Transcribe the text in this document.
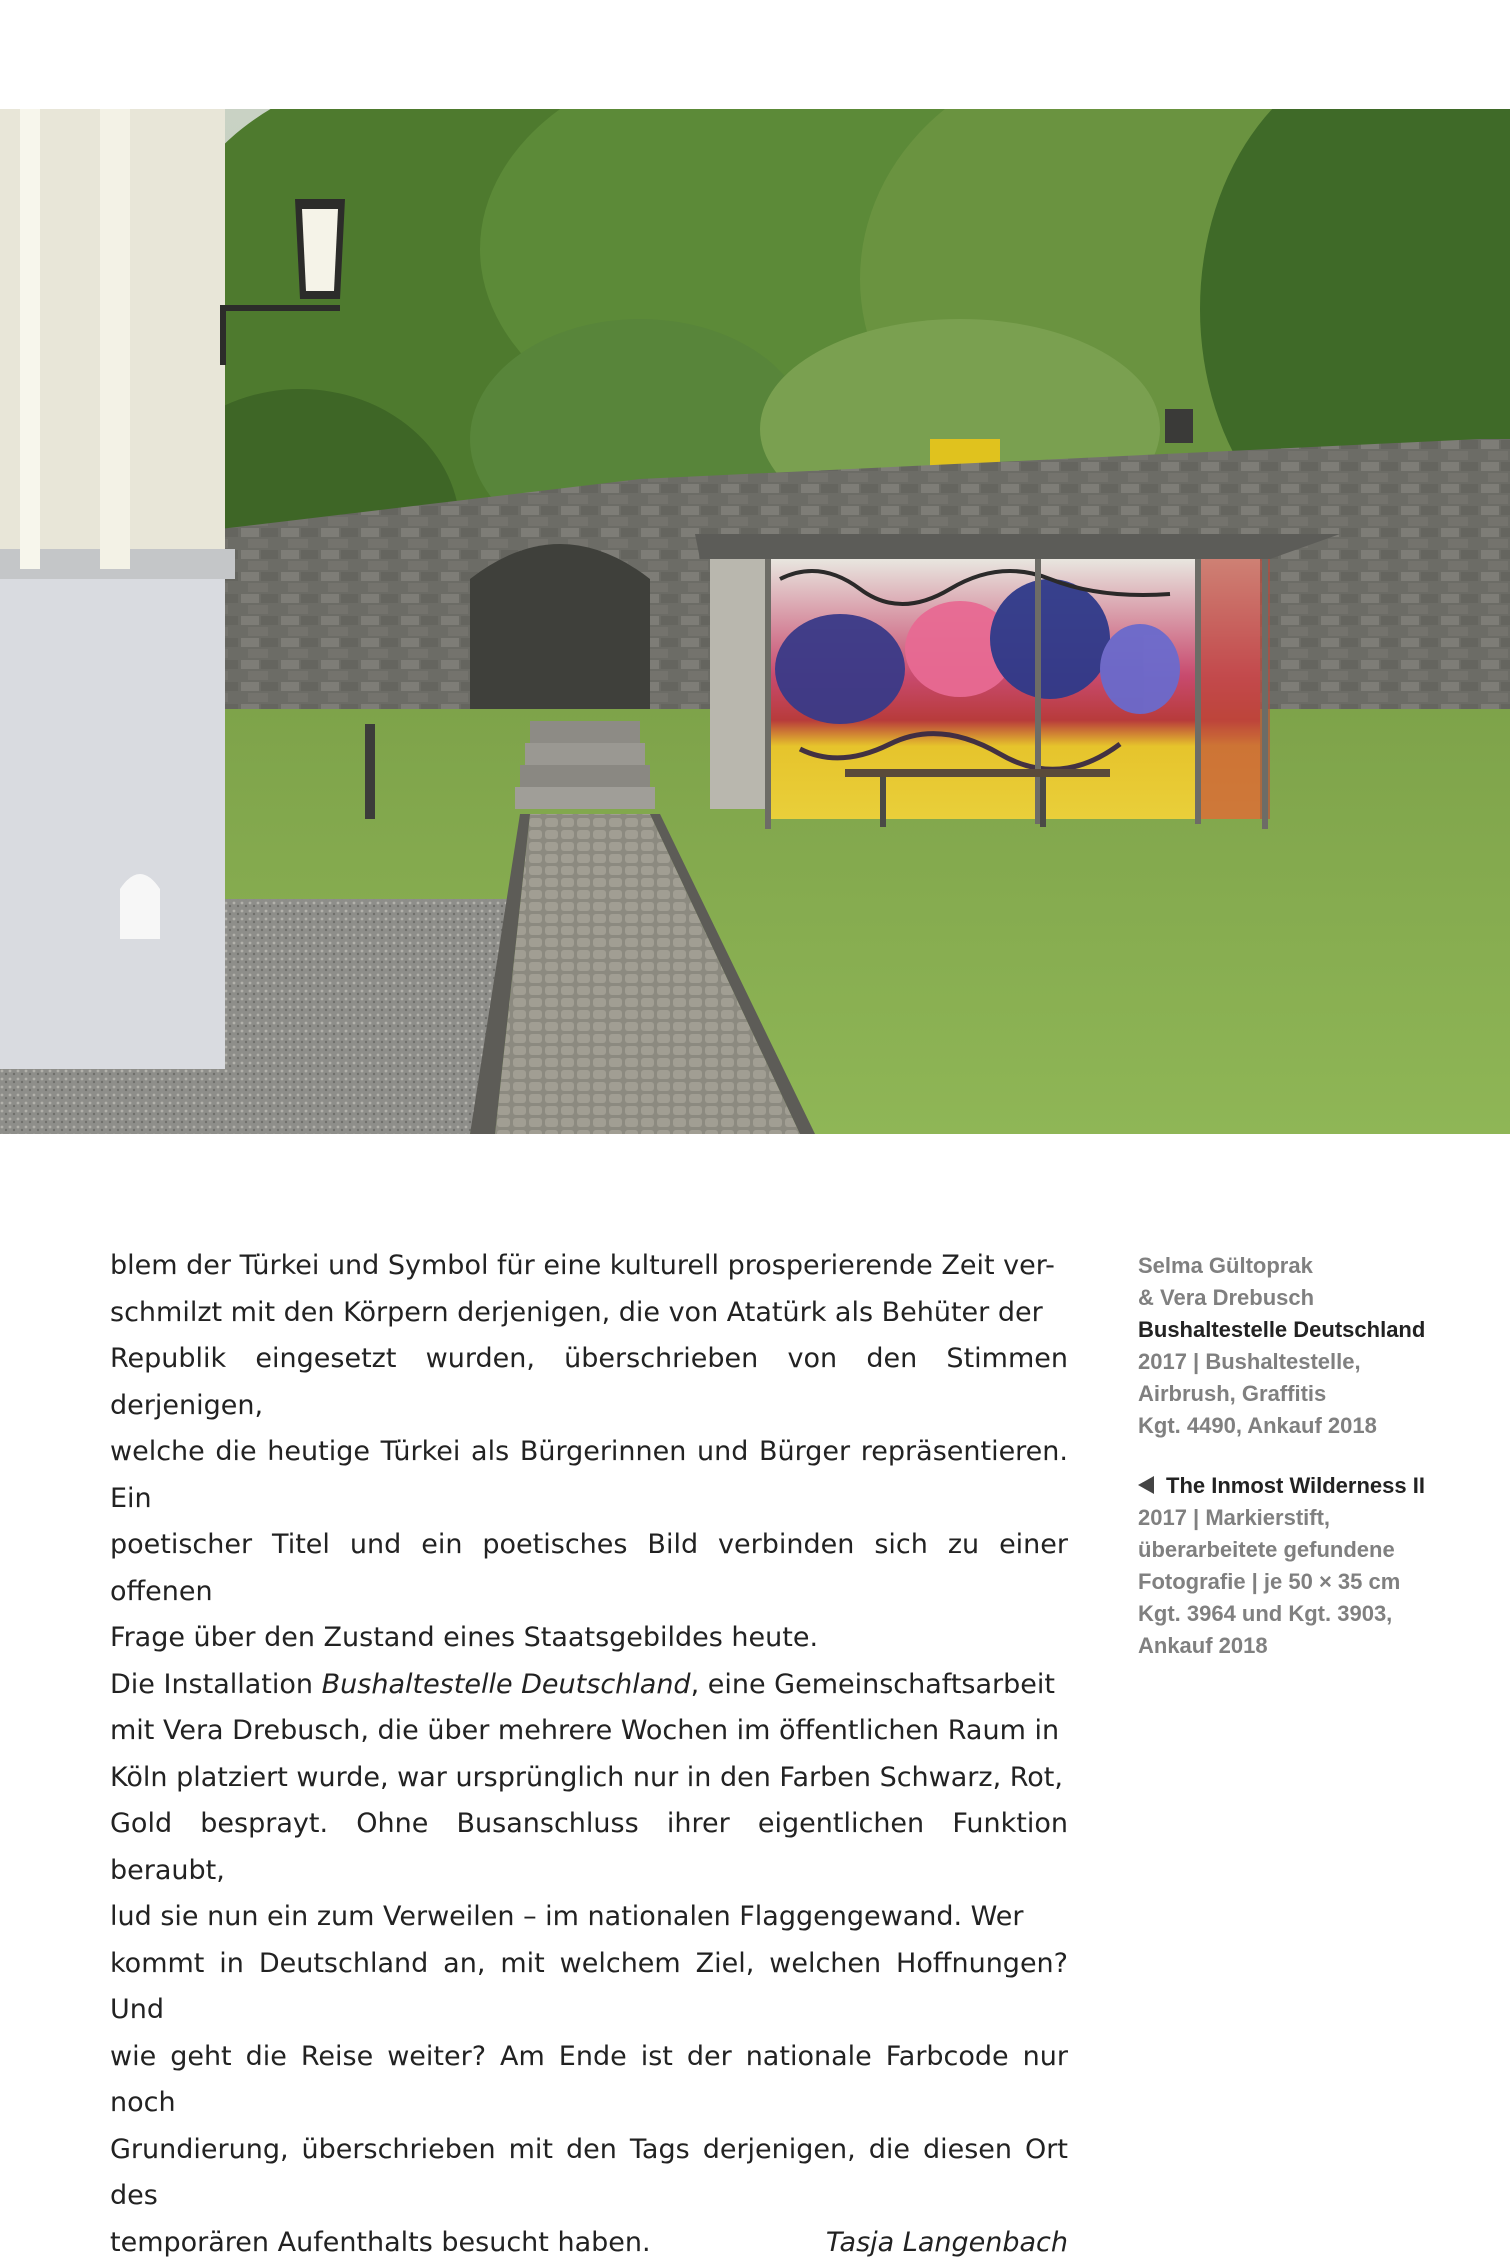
blem der Türkei und Symbol für eine kulturell prosperierende Zeit ver-
schmilzt mit den Körpern derjenigen, die von Atatürk als Behüter der
Republik eingesetzt wurden, überschrieben von den Stimmen derjenigen,
welche die heutige Türkei als Bürgerinnen und Bürger repräsentieren. Ein
poetischer Titel und ein poetisches Bild verbinden sich zu einer offenen
Frage über den Zustand eines Staatsgebildes heute.

Die Installation Bushaltestelle Deutschland, eine Gemeinschaftsarbeit
mit Vera Drebusch, die über mehrere Wochen im öffentlichen Raum in
Köln platziert wurde, war ursprünglich nur in den Farben Schwarz, Rot,
Gold besprayt. Ohne Busanschluss ihrer eigentlichen Funktion beraubt,
lud sie nun ein zum Verweilen – im nationalen Flaggengewand. Wer
kommt in Deutschland an, mit welchem Ziel, welchen Hoffnungen? Und
wie geht die Reise weiter? Am Ende ist der nationale Farbcode nur noch
Grundierung, überschrieben mit den Tags derjenigen, die diesen Ort des

temporären Aufenthalts besucht haben.	Tasja Langenbach
Selma Gültoprak
& Vera Drebusch
Bushaltestelle Deutschland
2017 | Bushaltestelle,
Airbrush, Graffitis
Kgt. 4490, Ankauf 2018
The Inmost Wilderness II
2017 | Markierstift,
überarbeitete gefundene
Fotografie | je 50 × 35 cm
Kgt. 3964 und Kgt. 3903,
Ankauf 2018
